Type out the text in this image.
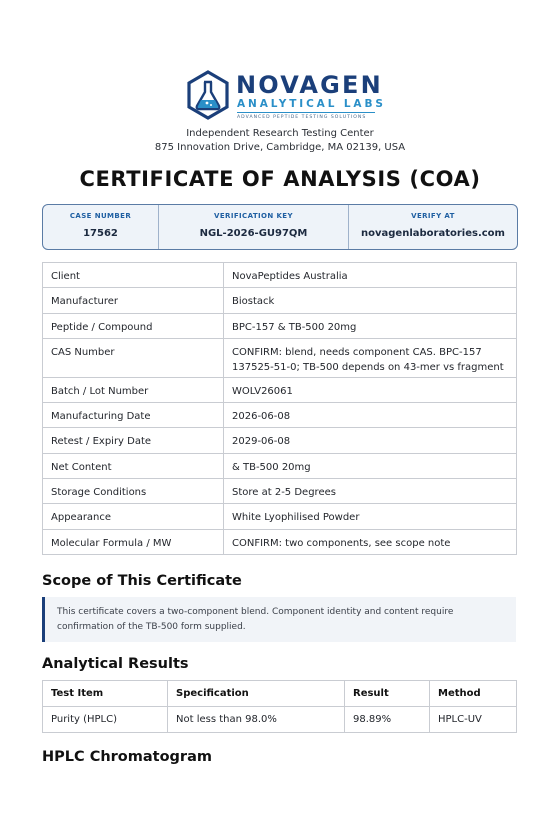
NOVAGEN
ANALYTICAL LABS
ADVANCED PEPTIDE TESTING SOLUTIONS
Independent Research Testing Center
875 Innovation Drive, Cambridge, MA 02139, USA
CERTIFICATE OF ANALYSIS (COA)
CASE NUMBER
17562
VERIFICATION KEY
NGL-2026-GU97QM
VERIFY AT
novagenlaboratories.com
Client	NovaPeptides Australia

Manufacturer	Biostack

Peptide / Compound	BPC-157 & TB-500 20mg

CAS Number	CONFIRM: blend, needs component CAS. BPC-157 137525-51-0; TB-500 depends on 43-mer vs fragment

Batch / Lot Number	WOLV26061

Manufacturing Date	2026-06-08

Retest / Expiry Date	2029-06-08

Net Content	& TB-500 20mg

Storage Conditions	Store at 2-5 Degrees

Appearance	White Lyophilised Powder

Molecular Formula / MW	CONFIRM: two components, see scope note
Scope of This Certificate
This certificate covers a two-component blend. Component identity and content require confirmation of the TB-500 form supplied.
Analytical Results
Test Item	Specification	Result	Method
Purity (HPLC)	Not less than 98.0%	98.89%	HPLC-UV
HPLC Chromatogram
